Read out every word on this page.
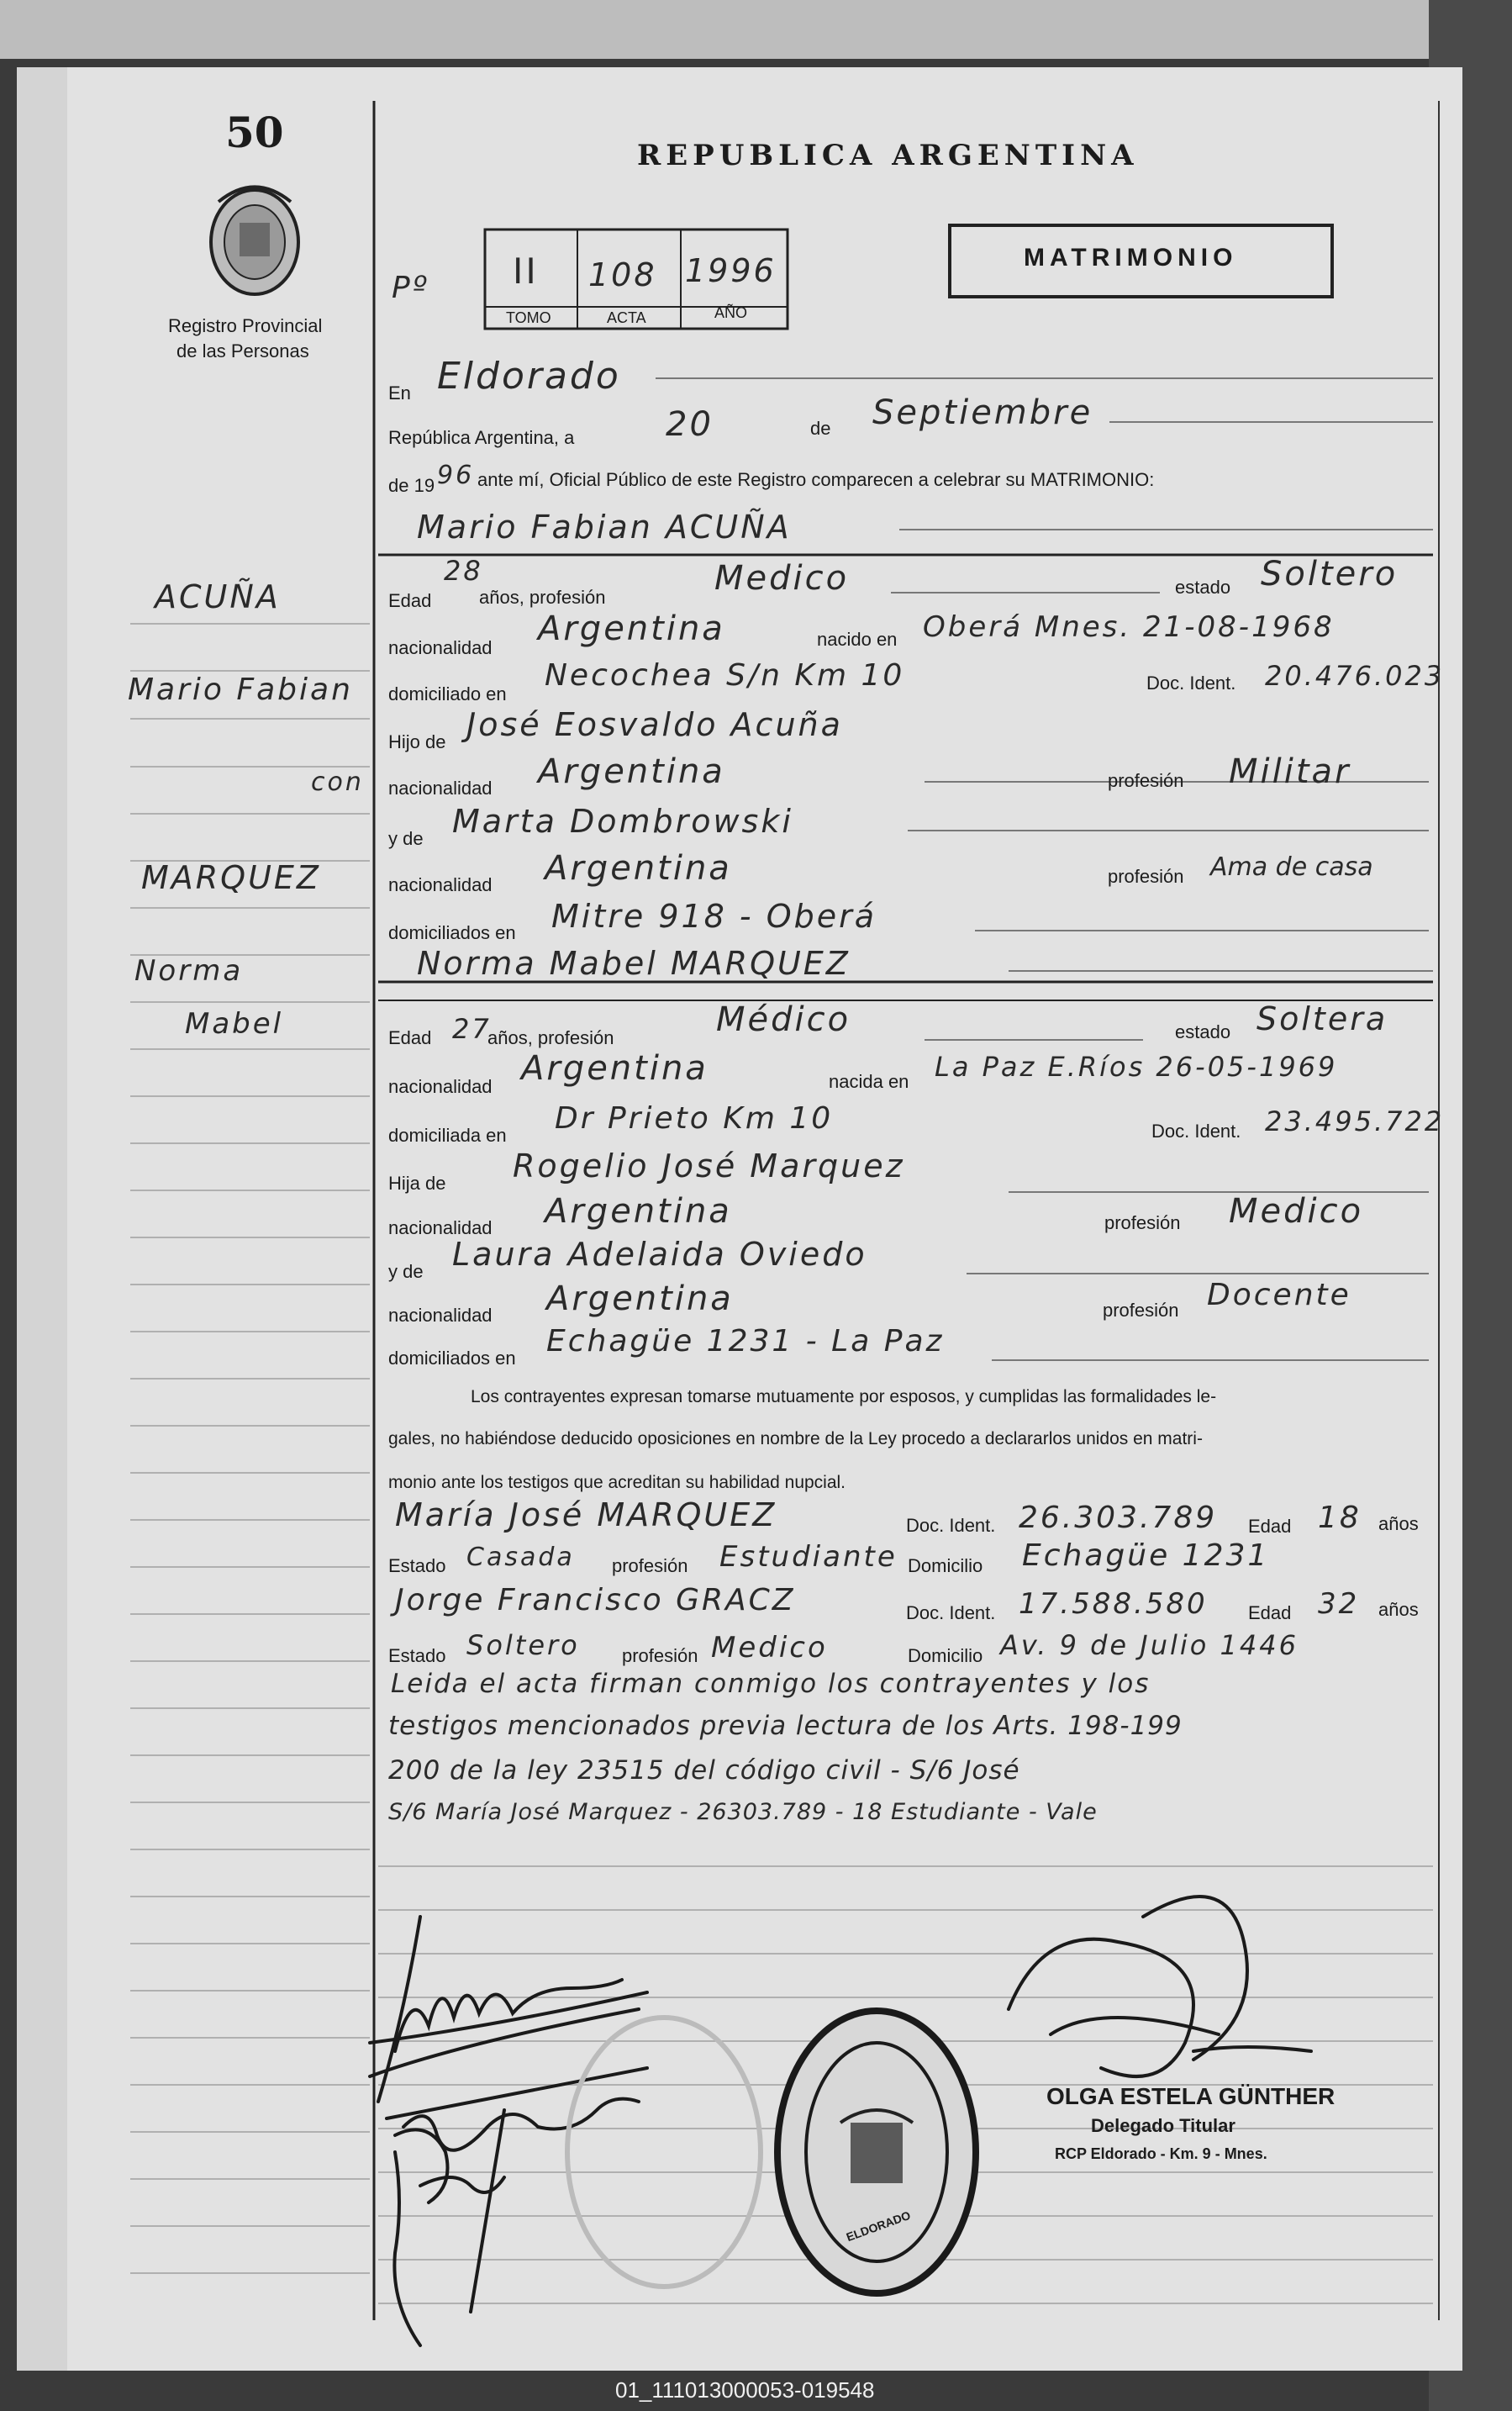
50
Registro Provincial
de las Personas
REPUBLICA ARGENTINA
MATRIMONIO
Pº II 108 1996
TOMO	ACTA	AÑO
En Eldorado
República Argentina, a	20	de Septiembre
de 19 96 ante mí, Oficial Público de este Registro comparecen a celebrar su MATRIMONIO:
Mario Fabian ACUÑA
ACUÑA
Mario Fabian
con
MARQUEZ
Norma
Mabel
Edad
28
años, profesión	Medico	estado Soltero
nacionalidad Argentina	nacido en Oberá Mnes. 21-08-1968
domiciliado en
Necochea S/n Km 10	Doc. Ident. 20.476.023
Hijo de José Eosvaldo Acuña
nacionalidad Argentina	profesión Militar
y de Marta Dombrowski
nacionalidad Argentina	profesión Ama de casa
domiciliados en Mitre 918 - Oberá
Norma Mabel MARQUEZ
Edad 27
años, profesión	Médico	estado Soltera
nacionalidad Argentina	nacida en La Paz E.Ríos 26-05-1969
domiciliada en Dr Prieto Km 10	Doc. Ident. 23.495.722
Hija de Rogelio José Marquez
nacionalidad Argentina	profesión Medico
y de Laura Adelaida Oviedo
nacionalidad Argentina	profesión Docente
domiciliados en Echagüe 1231 - La Paz
Los contrayentes expresan tomarse mutuamente por esposos, y cumplidas las formalidades le-
gales, no habiéndose deducido oposiciones en nombre de la Ley procedo a declararlos unidos en matri-
monio ante los testigos que acreditan su habilidad nupcial.
María José MARQUEZ	Doc. Ident. 26.303.789 Edad 18 años
Estado Casada profesión Estudiante Domicilio Echagüe 1231
Jorge Francisco GRACZ	Doc. Ident. 17.588.580 Edad 32 años
Estado Soltero profesión Medico	Domicilio Av. 9 de Julio 1446
Leida el acta firman conmigo los contrayentes y los
testigos mencionados previa lectura de los Arts. 198-199
200 de la ley 23515 del código civil - S/6 José
S/6 María José Marquez - 26303.789 - 18 Estudiante - Vale
OLGA ESTELA GÜNTHER
Delegado Titular
RCP Eldorado - Km. 9 - Mnes.
ELDORADO
01_111013000053-019548
